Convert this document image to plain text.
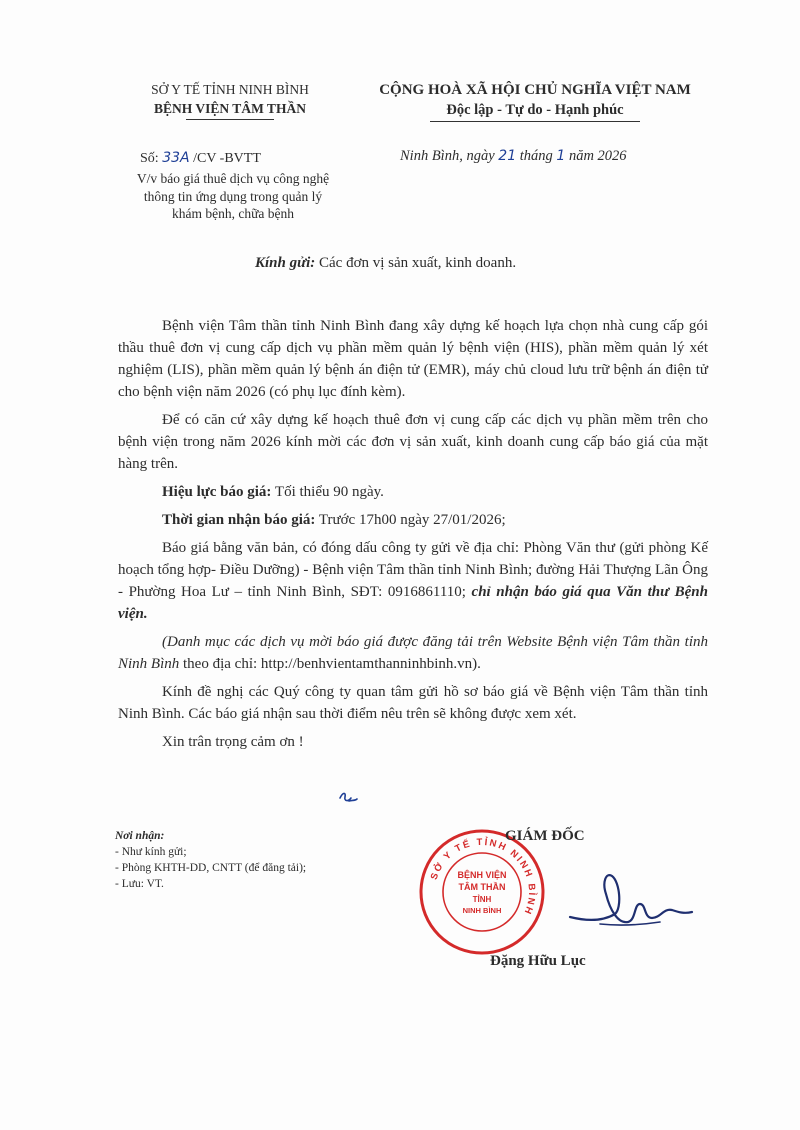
SỞ Y TẾ TỈNH NINH BÌNH
BỆNH VIỆN TÂM THẦN
CỘNG HOÀ XÃ HỘI CHỦ NGHĨA VIỆT NAM
Độc lập - Tự do - Hạnh phúc
Số: 33A /CV -BVTT
V/v báo giá thuê dịch vụ công nghệ thông tin ứng dụng trong quản lý khám bệnh, chữa bệnh
Ninh Bình, ngày 21 tháng 1 năm 2026
Kính gửi: Các đơn vị sản xuất, kinh doanh.

Bệnh viện Tâm thần tỉnh Ninh Bình đang xây dựng kế hoạch lựa chọn nhà cung cấp gói thầu thuê đơn vị cung cấp dịch vụ phần mềm quản lý bệnh viện (HIS), phần mềm quản lý xét nghiệm (LIS), phần mềm quản lý bệnh án điện tử (EMR), máy chủ cloud lưu trữ bệnh án điện tử cho bệnh viện năm 2026 (có phụ lục đính kèm).

Để có căn cứ xây dựng kế hoạch thuê đơn vị cung cấp các dịch vụ phần mềm trên cho bệnh viện trong năm 2026 kính mời các đơn vị sản xuất, kinh doanh cung cấp báo giá của mặt hàng trên.

Hiệu lực báo giá: Tối thiểu 90 ngày.

Thời gian nhận báo giá: Trước 17h00 ngày 27/01/2026;

Báo giá bằng văn bản, có đóng dấu công ty gửi về địa chỉ: Phòng Văn thư (gửi phòng Kế hoạch tổng hợp- Điều Dưỡng) - Bệnh viện Tâm thần tỉnh Ninh Bình; đường Hải Thượng Lãn Ông - Phường Hoa Lư – tỉnh Ninh Bình, SĐT: 0916861110; chỉ nhận báo giá qua Văn thư Bệnh viện.

(Danh mục các dịch vụ mời báo giá được đăng tải trên Website Bệnh viện Tâm thần tỉnh Ninh Bình theo địa chỉ: http://benhvientamthanninhbinh.vn).

Kính đề nghị các Quý công ty quan tâm gửi hồ sơ báo giá về Bệnh viện Tâm thần tỉnh Ninh Bình. Các báo giá nhận sau thời điểm nêu trên sẽ không được xem xét.

Xin trân trọng cảm ơn !

Nơi nhận:
- Như kính gửi;
- Phòng KHTH-DD, CNTT (để đăng tải);
- Lưu: VT.
SỞ Y TẾ TỈNH NINH BÌNH
BỆNH VIỆN
TÂM THẦN
TỈNH
NINH BÌNH
GIÁM ĐỐC
Đặng Hữu Lục
